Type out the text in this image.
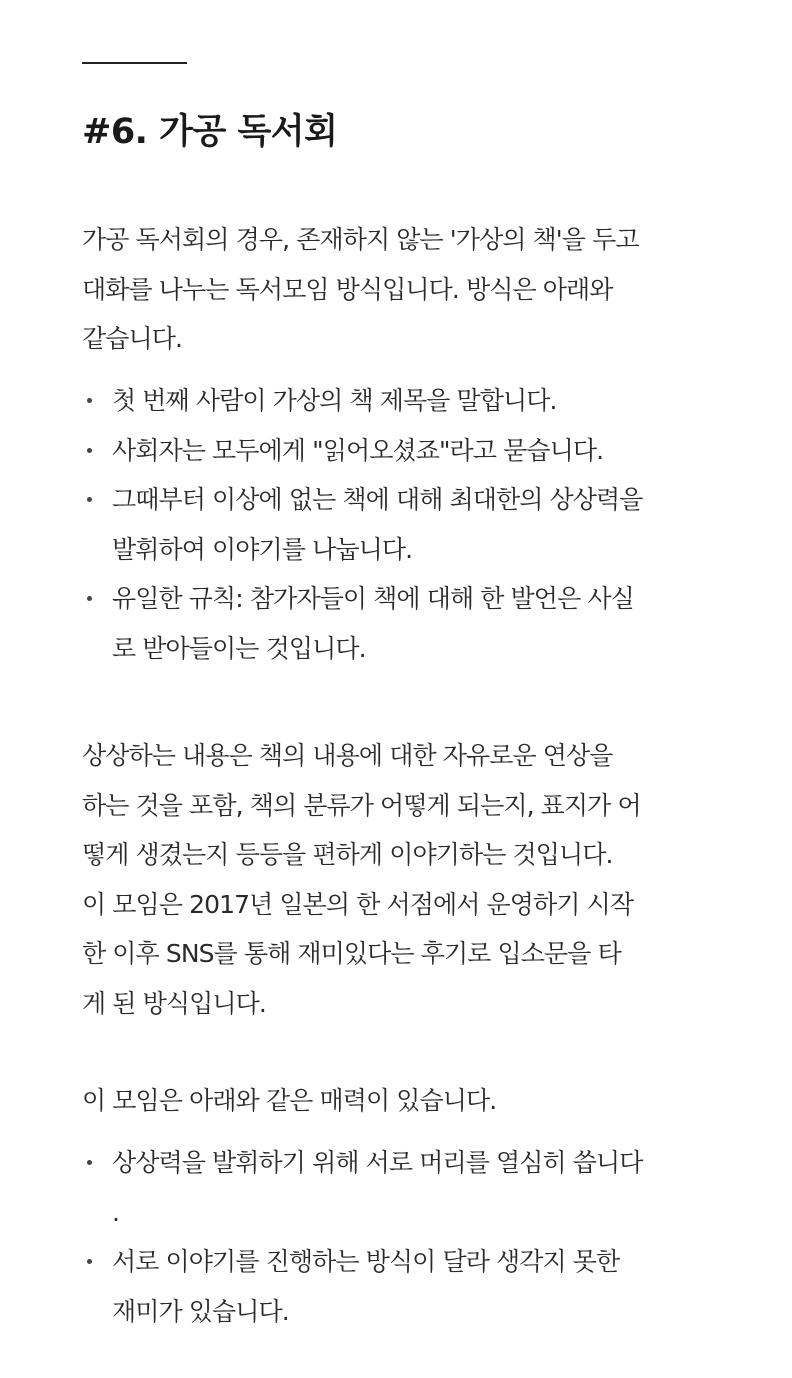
#6. 가공 독서회

가공 독서회의 경우, 존재하지 않는 '가상의 책'을 두고
대화를 나누는 독서모임 방식입니다. 방식은 아래와
같습니다.

첫 번째 사람이 가상의 책 제목을 말합니다.
사회자는 모두에게 "읽어오셨죠"라고 묻습니다.
그때부터 이상에 없는 책에 대해 최대한의 상상력을
발휘하여 이야기를 나눕니다.
유일한 규칙: 참가자들이 책에 대해 한 발언은 사실
로 받아들이는 것입니다.

상상하는 내용은 책의 내용에 대한 자유로운 연상을
하는 것을 포함, 책의 분류가 어떻게 되는지, 표지가 어
떻게 생겼는지 등등을 편하게 이야기하는 것입니다.
이 모임은 2017년 일본의 한 서점에서 운영하기 시작
한 이후 SNS를 통해 재미있다는 후기로 입소문을 타
게 된 방식입니다.

이 모임은 아래와 같은 매력이 있습니다.

상상력을 발휘하기 위해 서로 머리를 열심히 씁니다
.
서로 이야기를 진행하는 방식이 달라 생각지 못한
재미가 있습니다.
